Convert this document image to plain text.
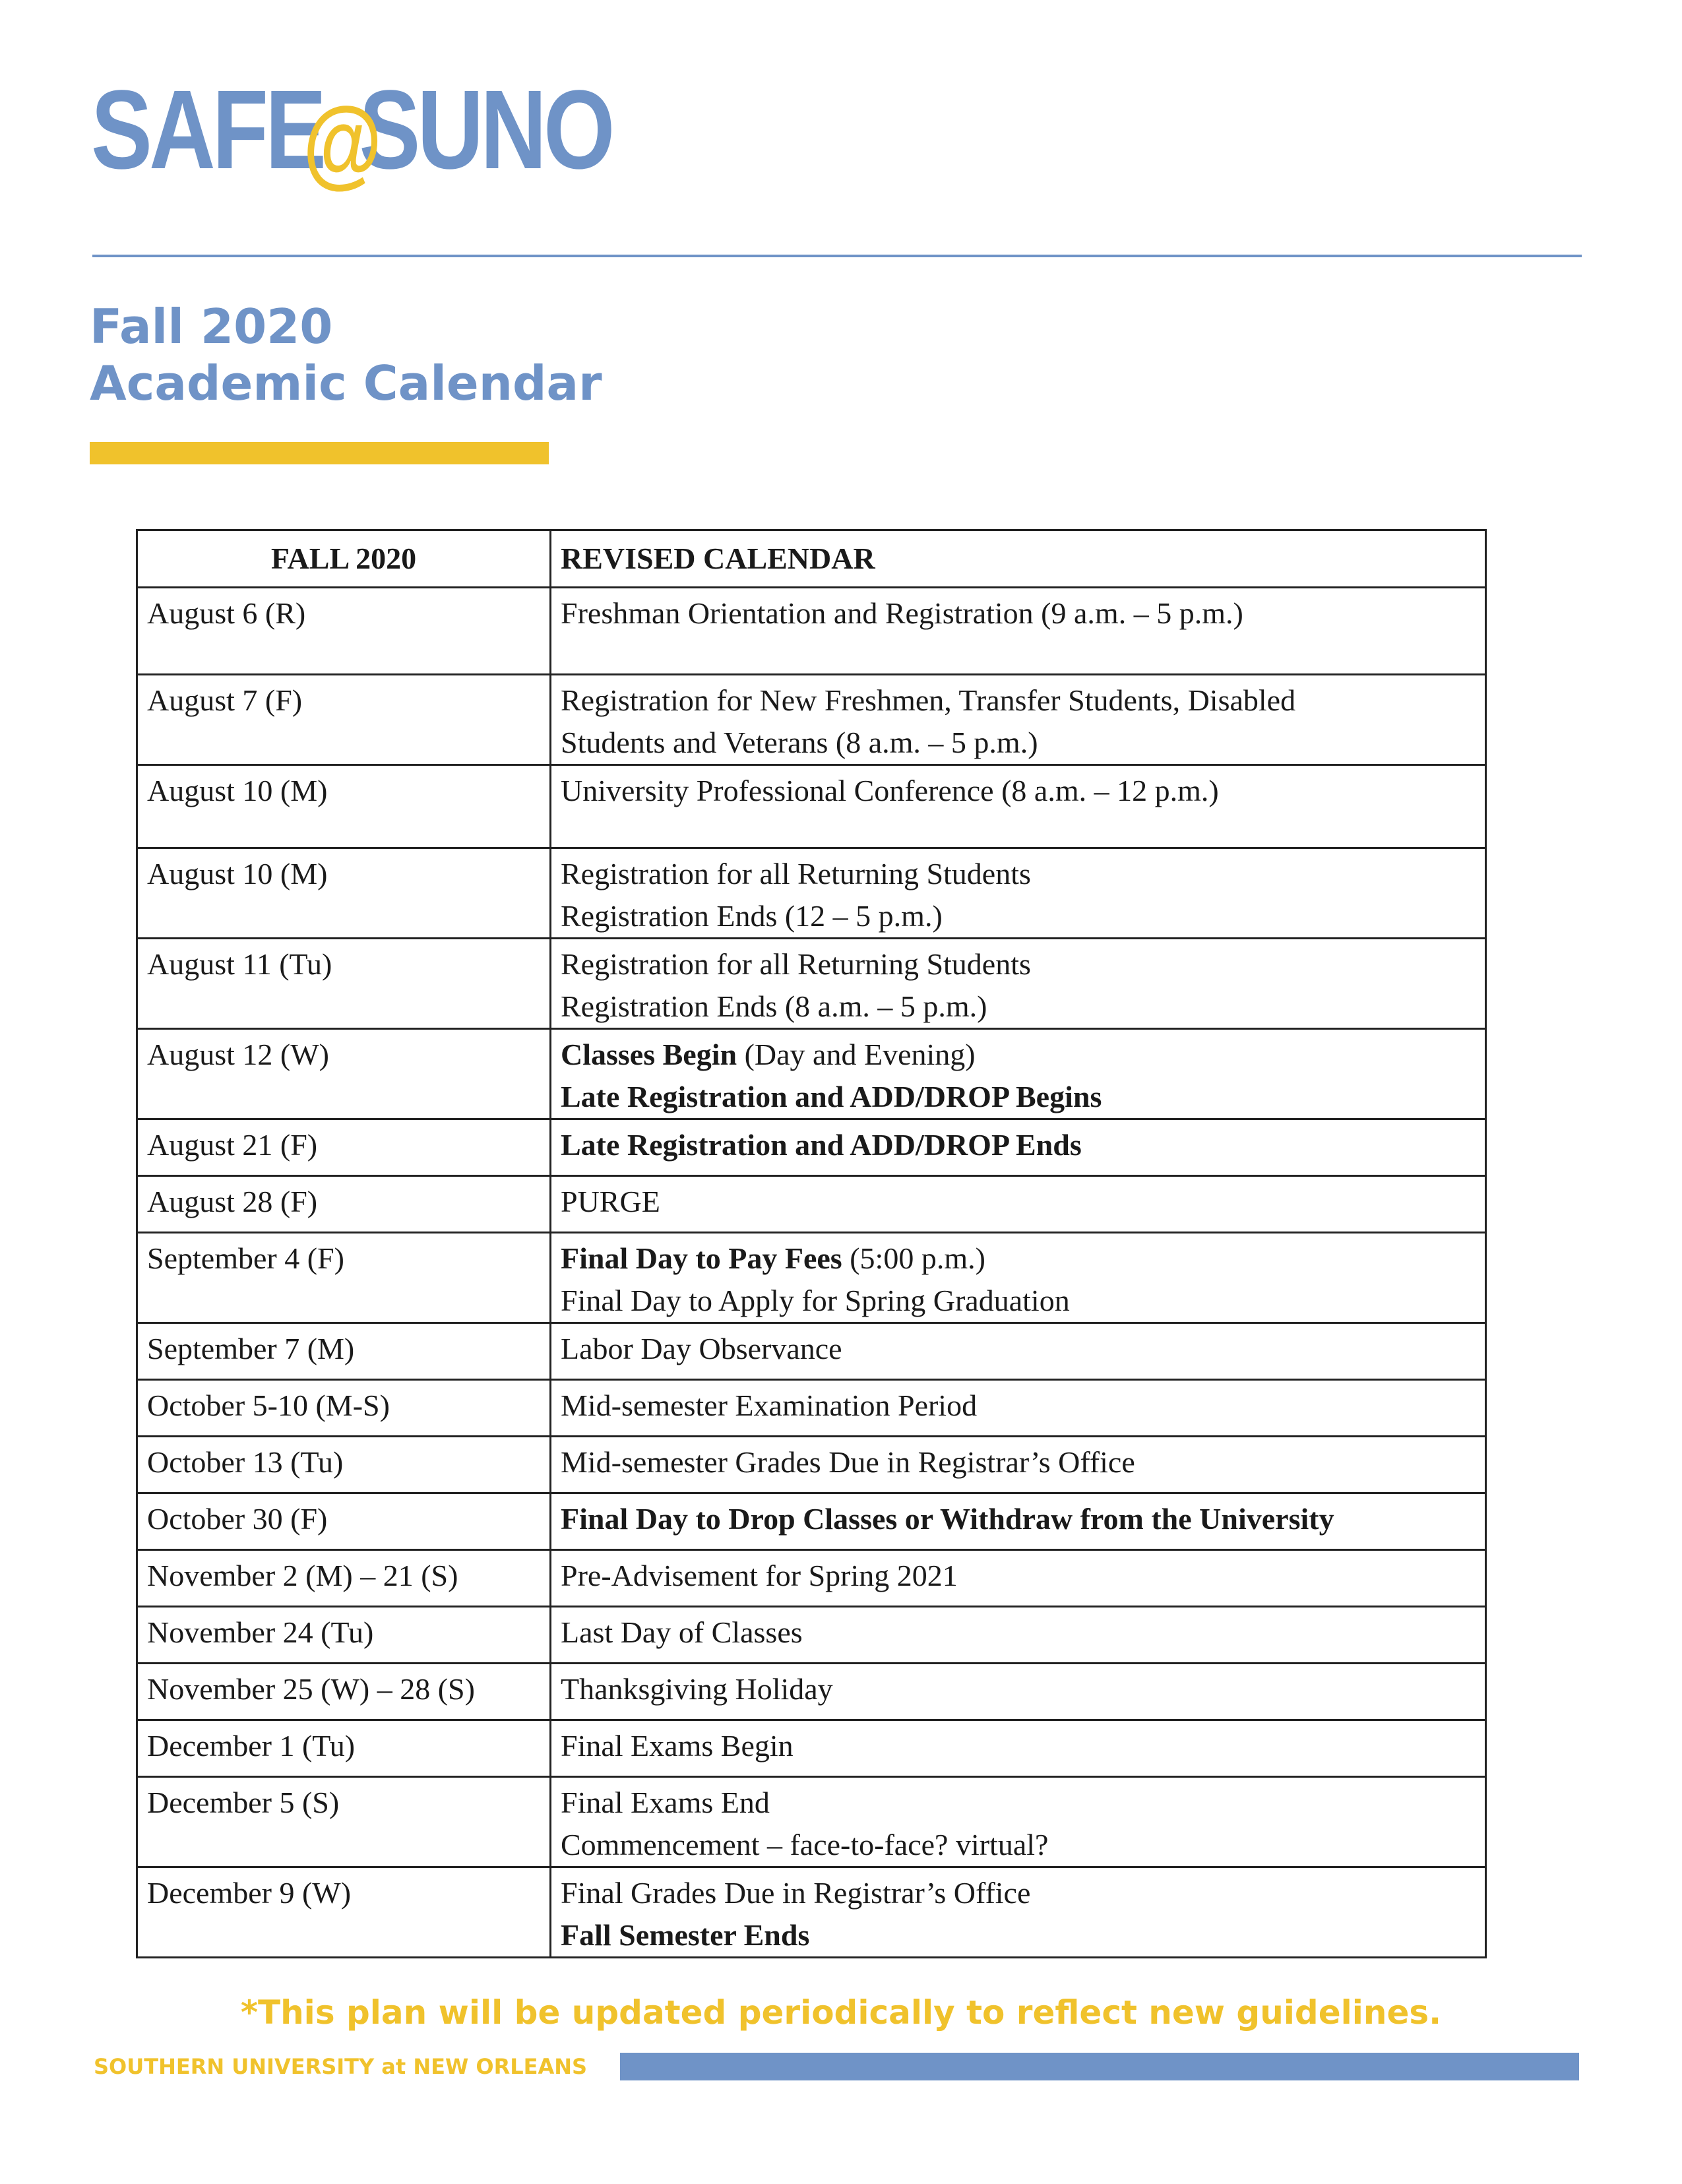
SAFE@SUNO
Fall 2020
Academic Calendar
FALL 2020	REVISED CALENDAR
August 6 (R)	Freshman Orientation and Registration (9 a.m. – 5 p.m.)

August 7 (F)	Registration for New Freshmen, Transfer Students, Disabled
Students and Veterans (8 a.m. – 5 p.m.)

August 10 (M)	University Professional Conference (8 a.m. – 12 p.m.)

August 10 (M)	Registration for all Returning Students
Registration Ends (12 – 5 p.m.)

August 11 (Tu)	Registration for all Returning Students
Registration Ends (8 a.m. – 5 p.m.)

August 12 (W)	Classes Begin (Day and Evening)
Late Registration and ADD/DROP Begins

August 21 (F)	Late Registration and ADD/DROP Ends

August 28 (F)	PURGE

September 4 (F)	Final Day to Pay Fees (5:00 p.m.)
Final Day to Apply for Spring Graduation

September 7 (M)	Labor Day Observance

October 5-10 (M-S)	Mid-semester Examination Period

October 13 (Tu)	Mid-semester Grades Due in Registrar’s Office

October 30 (F)	Final Day to Drop Classes or Withdraw from the University

November 2 (M) – 21 (S)	Pre-Advisement for Spring 2021

November 24 (Tu)	Last Day of Classes

November 25 (W) – 28 (S)	Thanksgiving Holiday

December 1 (Tu)	Final Exams Begin

December 5 (S)	Final Exams End
Commencement – face-to-face? virtual?

December 9 (W)	Final Grades Due in Registrar’s Office
Fall Semester Ends
*This plan will be updated periodically to reflect new guidelines.
SOUTHERN UNIVERSITY at NEW ORLEANS
